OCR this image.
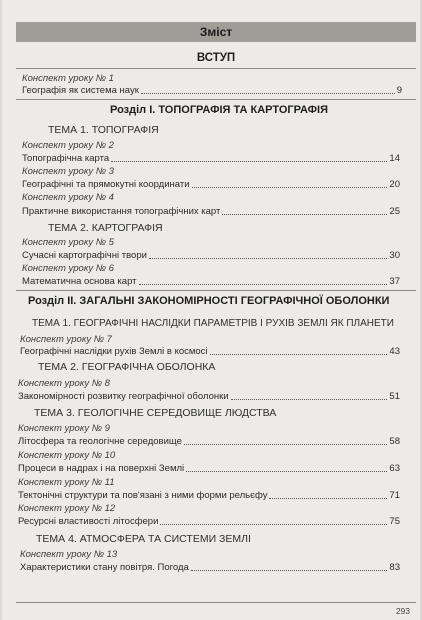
Зміст
ВСТУП
Конспект уроку № 1
Географія як система наук	9
Розділ І. ТОПОГРАФІЯ ТА КАРТОГРАФІЯ
ТЕМА 1. ТОПОГРАФІЯ
Конспект уроку № 2
Топографічна карта	14
Конспект уроку № 3
Географічні та прямокутні координати	20
Конспект уроку № 4
Практичне використання топографічних карт	25
ТЕМА 2. КАРТОГРАФІЯ
Конспект уроку № 5
Сучасні картографічні твори	30
Конспект уроку № 6
Математична основа карт	37
Розділ ІІ. ЗАГАЛЬНІ ЗАКОНОМІРНОСТІ ГЕОГРАФІЧНОЇ ОБОЛОНКИ
ТЕМА 1. ГЕОГРАФІЧНІ НАСЛІДКИ ПАРАМЕТРІВ І РУХІВ ЗЕМЛІ ЯК ПЛАНЕТИ
Конспект уроку № 7
Географічні наслідки рухів Землі в космосі	43
ТЕМА 2. ГЕОГРАФІЧНА ОБОЛОНКА
Конспект уроку № 8
Закономірності розвитку географічної оболонки	51
ТЕМА 3. ГЕОЛОГІЧНЕ СЕРЕДОВИЩЕ ЛЮДСТВА
Конспект уроку № 9
Літосфера та геологічне середовище	58
Конспект уроку № 10
Процеси в надрах і на поверхні Землі	63
Конспект уроку № 11
Тектонічні структури та пов'язані з ними форми рельєфу	71
Конспект уроку № 12
Ресурсні властивості літосфери	75
ТЕМА 4. АТМОСФЕРА ТА СИСТЕМИ ЗЕМЛІ
Конспект уроку № 13
Характеристики стану повітря. Погода	83
293
